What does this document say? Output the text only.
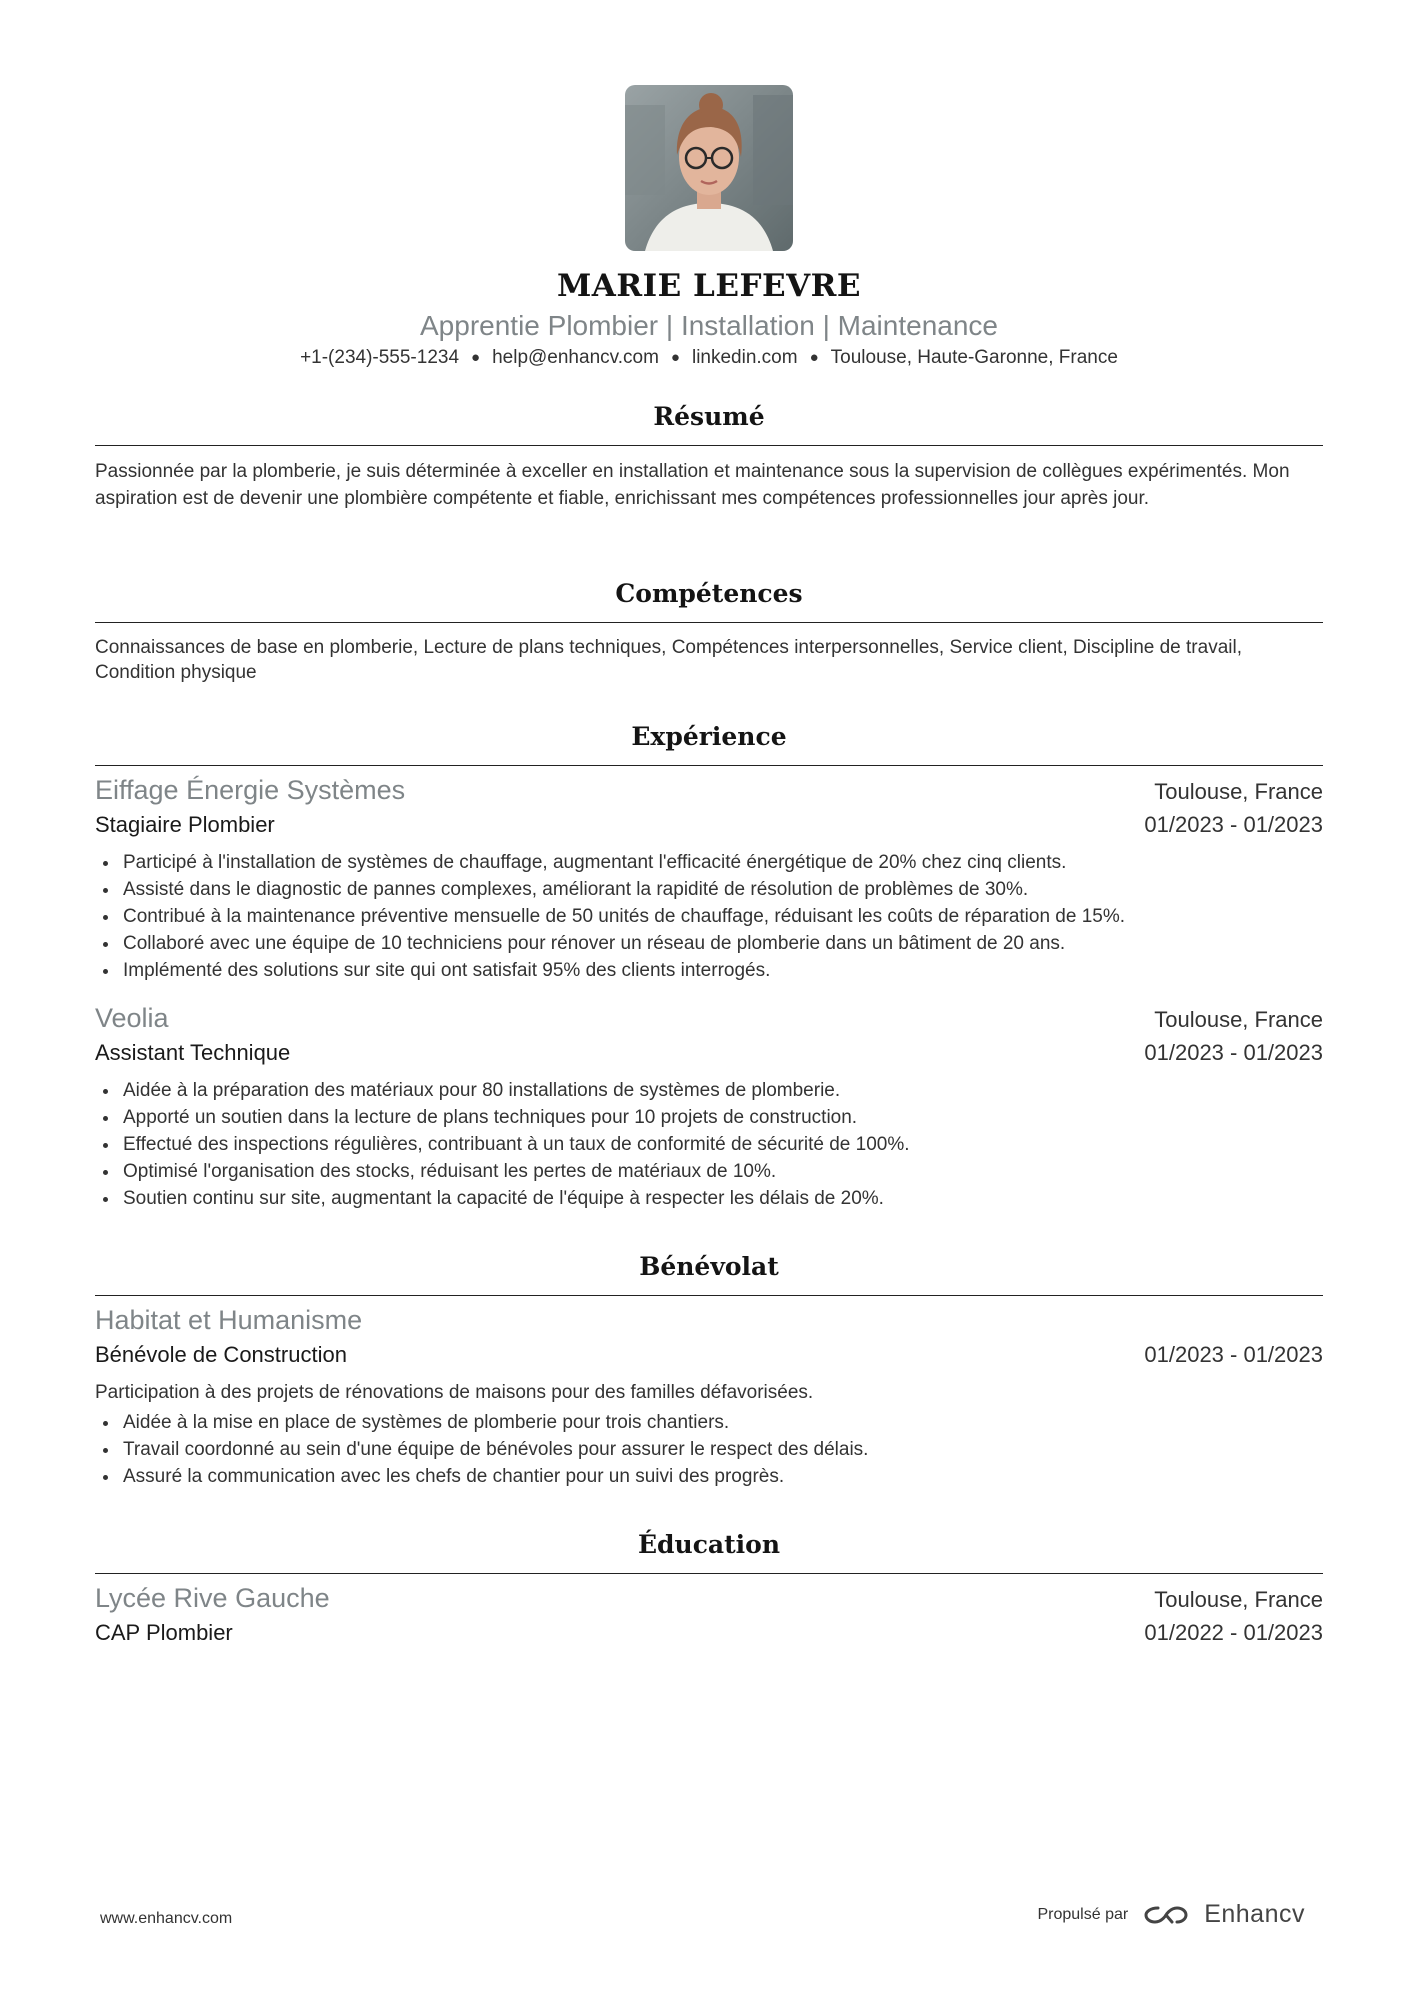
MARIE LEFEVRE

Apprentie Plombier | Installation | Maintenance

+1-(234)-555-1234 ● help@enhancv.com ● linkedin.com ● Toulouse, Haute-Garonne, France

Résumé

Passionnée par la plomberie, je suis déterminée à exceller en installation et maintenance sous la supervision de collègues expérimentés. Mon aspiration est de devenir une plombière compétente et fiable, enrichissant mes compétences professionnelles jour après jour.

Compétences

Connaissances de base en plomberie, Lecture de plans techniques, Compétences interpersonnelles, Service client, Discipline de travail, Condition physique

Expérience
Eiffage Énergie Systèmes	Toulouse, France
Stagiaire Plombier	01/2023 - 01/2023
Participé à l'installation de systèmes de chauffage, augmentant l'efficacité énergétique de 20% chez cinq clients.
Assisté dans le diagnostic de pannes complexes, améliorant la rapidité de résolution de problèmes de 30%.
Contribué à la maintenance préventive mensuelle de 50 unités de chauffage, réduisant les coûts de réparation de 15%.
Collaboré avec une équipe de 10 techniciens pour rénover un réseau de plomberie dans un bâtiment de 20 ans.
Implémenté des solutions sur site qui ont satisfait 95% des clients interrogés.
Veolia	Toulouse, France
Assistant Technique	01/2023 - 01/2023
Aidée à la préparation des matériaux pour 80 installations de systèmes de plomberie.
Apporté un soutien dans la lecture de plans techniques pour 10 projets de construction.
Effectué des inspections régulières, contribuant à un taux de conformité de sécurité de 100%.
Optimisé l'organisation des stocks, réduisant les pertes de matériaux de 10%.
Soutien continu sur site, augmentant la capacité de l'équipe à respecter les délais de 20%.
Bénévolat
Habitat et Humanisme
Bénévole de Construction	01/2023 - 01/2023

Participation à des projets de rénovations de maisons pour des familles défavorisées.

Aidée à la mise en place de systèmes de plomberie pour trois chantiers.
Travail coordonné au sein d'une équipe de bénévoles pour assurer le respect des délais.
Assuré la communication avec les chefs de chantier pour un suivi des progrès.
Éducation
Lycée Rive Gauche	Toulouse, France
CAP Plombier	01/2022 - 01/2023
www.enhancv.com	Propulsé par	Enhancv
